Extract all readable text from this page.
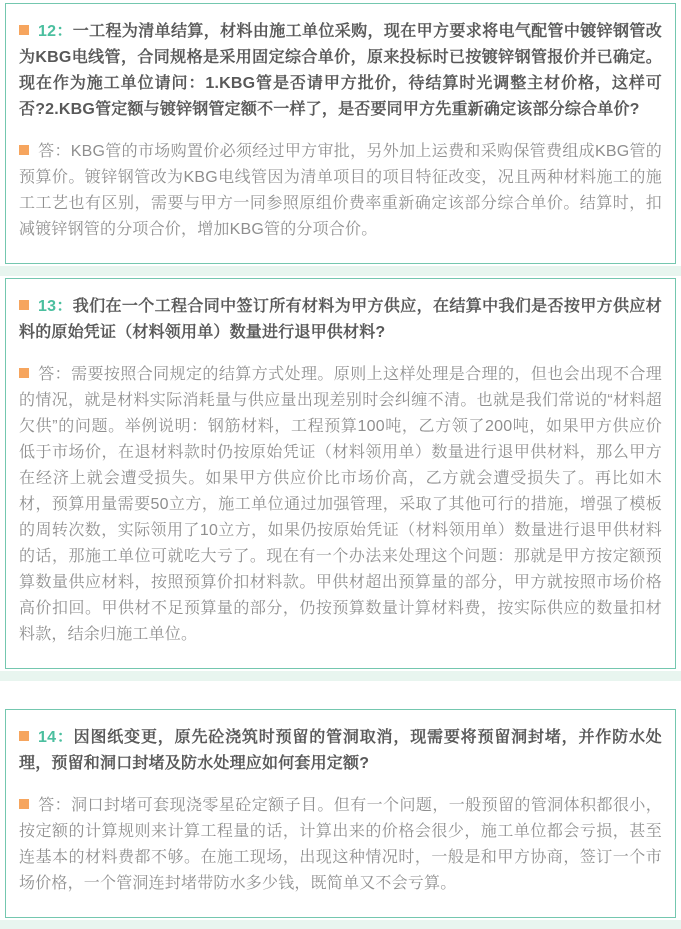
12：一工程为清单结算，材料由施工单位采购，现在甲方要求将电气配管中镀锌钢管改为KBG电线管，合同规格是采用固定综合单价，原来投标时已按镀锌钢管报价并已确定。现在作为施工单位请问：1.KBG管是否请甲方批价，待结算时光调整主材价格，这样可否?2.KBG管定额与镀锌钢管定额不一样了，是否要同甲方先重新确定该部分综合单价?

答：KBG管的市场购置价必须经过甲方审批，另外加上运费和采购保管费组成KBG管的预算价。镀锌钢管改为KBG电线管因为清单项目的项目特征改变，况且两种材料施工的施工工艺也有区别，需要与甲方一同参照原组价费率重新确定该部分综合单价。结算时，扣减镀锌钢管的分项合价，增加KBG管的分项合价。

13：我们在一个工程合同中签订所有材料为甲方供应，在结算中我们是否按甲方供应材料的原始凭证（材料领用单）数量进行退甲供材料?

答：需要按照合同规定的结算方式处理。原则上这样处理是合理的，但也会出现不合理的情况，就是材料实际消耗量与供应量出现差别时会纠缠不清。也就是我们常说的“材料超欠供”的问题。举例说明：钢筋材料，工程预算100吨，乙方领了200吨，如果甲方供应价低于市场价，在退材料款时仍按原始凭证（材料领用单）数量进行退甲供材料，那么甲方在经济上就会遭受损失。如果甲方供应价比市场价高，乙方就会遭受损失了。再比如木材，预算用量需要50立方，施工单位通过加强管理，采取了其他可行的措施，增强了模板的周转次数，实际领用了10立方，如果仍按原始凭证（材料领用单）数量进行退甲供材料的话，那施工单位可就吃大亏了。现在有一个办法来处理这个问题：那就是甲方按定额预算数量供应材料，按照预算价扣材料款。甲供材超出预算量的部分，甲方就按照市场价格高价扣回。甲供材不足预算量的部分，仍按预算数量计算材料费，按实际供应的数量扣材料款，结余归施工单位。

14：因图纸变更，原先砼浇筑时预留的管洞取消，现需要将预留洞封堵，并作防水处理，预留和洞口封堵及防水处理应如何套用定额?

答：洞口封堵可套现浇零星砼定额子目。但有一个问题，一般预留的管洞体积都很小，按定额的计算规则来计算工程量的话，计算出来的价格会很少，施工单位都会亏损，甚至连基本的材料费都不够。在施工现场，出现这种情况时，一般是和甲方协商，签订一个市场价格，一个管洞连封堵带防水多少钱，既简单又不会亏算。
